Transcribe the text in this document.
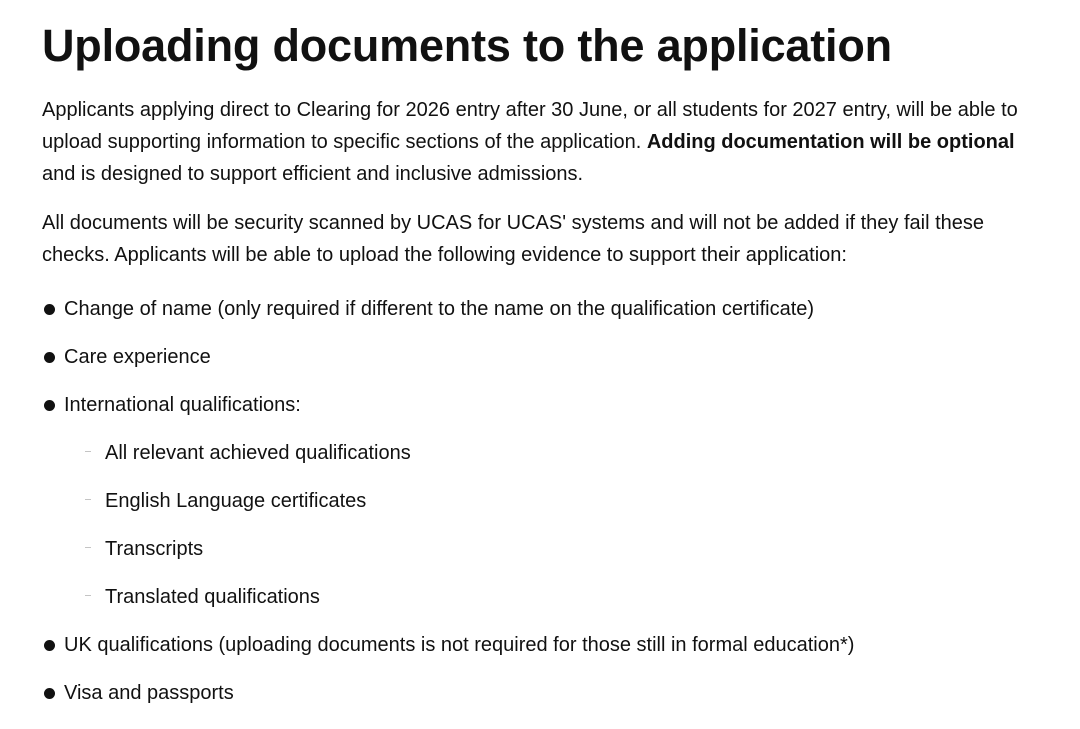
Uploading documents to the application

Applicants applying direct to Clearing for 2026 entry after 30 June, or all students for 2027 entry, will be able to upload supporting information to specific sections of the application. Adding documentation will be optional and is designed to support efficient and inclusive admissions.

All documents will be security scanned by UCAS for UCAS' systems and will not be added if they fail these checks. Applicants will be able to upload the following evidence to support their application:

Change of name (only required if different to the name on the qualification certificate)
Care experience
International qualifications:
All relevant achieved qualifications
English Language certificates
Transcripts
Translated qualifications
UK qualifications (uploading documents is not required for those still in formal education*)
Visa and passports
